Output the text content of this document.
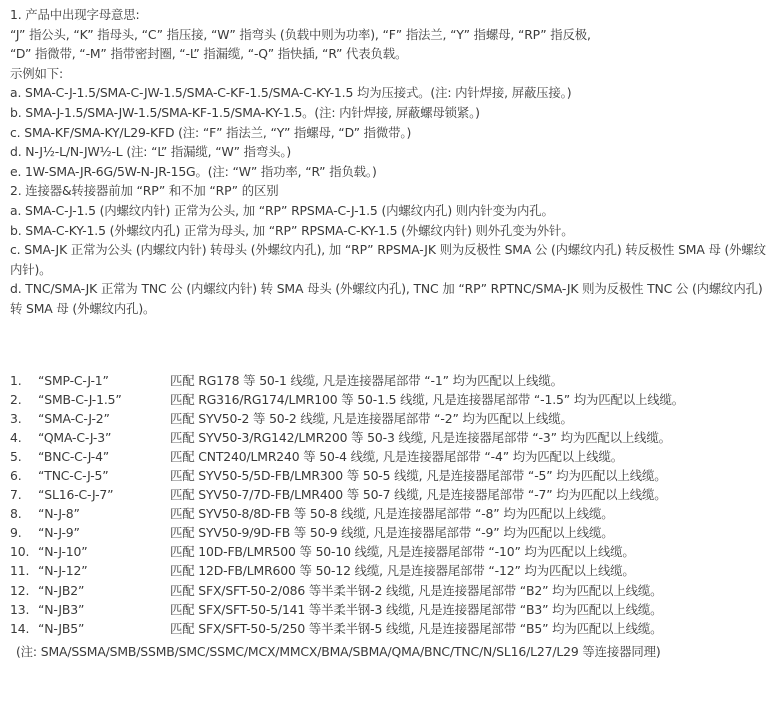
1. 产品中出现字母意思:
“J” 指公头, “K” 指母头, “C” 指压接, “W” 指弯头 (负载中则为功率), “F” 指法兰, “Y” 指螺母, “RP” 指反极,
“D” 指微带, “-M” 指带密封圈, “-L” 指漏缆, “-Q” 指快插, “R” 代表负载。
示例如下:
a. SMA-C-J-1.5/SMA-C-JW-1.5/SMA-C-KF-1.5/SMA-C-KY-1.5 均为压接式。(注: 内针焊接, 屏蔽压接。)
b. SMA-J-1.5/SMA-JW-1.5/SMA-KF-1.5/SMA-KY-1.5。(注: 内针焊接, 屏蔽螺母锁紧。)
c. SMA-KF/SMA-KY/L29-KFD (注: “F” 指法兰, “Y” 指螺母, “D” 指微带。)
d. N-J½-L/N-JW½-L (注: “L” 指漏缆, “W” 指弯头。)
e. 1W-SMA-JR-6G/5W-N-JR-15G。(注: “W” 指功率, “R” 指负载。)
2. 连接器&转接器前加 “RP” 和不加 “RP” 的区别
a. SMA-C-J-1.5 (内螺纹内针) 正常为公头, 加 “RP” RPSMA-C-J-1.5 (内螺纹内孔) 则内针变为内孔。
b. SMA-C-KY-1.5 (外螺纹内孔) 正常为母头, 加 “RP” RPSMA-C-KY-1.5 (外螺纹内针) 则外孔变为外针。
c. SMA-JK 正常为公头 (内螺纹内针) 转母头 (外螺纹内孔), 加 “RP” RPSMA-JK 则为反极性 SMA 公 (内螺纹内孔) 转反极性 SMA 母 (外螺纹内针)。
d. TNC/SMA-JK 正常为 TNC 公 (内螺纹内针) 转 SMA 母头 (外螺纹内孔), TNC 加 “RP” RPTNC/SMA-JK 则为反极性 TNC 公 (内螺纹内孔) 转 SMA 母 (外螺纹内孔)。
1.	“SMP-C-J-1”	匹配 RG178 等 50-1 线缆, 凡是连接器尾部带 “-1” 均为匹配以上线缆。
2.	“SMB-C-J-1.5”	匹配 RG316/RG174/LMR100 等 50-1.5 线缆, 凡是连接器尾部带 “-1.5” 均为匹配以上线缆。
3.	“SMA-C-J-2”	匹配 SYV50-2 等 50-2 线缆, 凡是连接器尾部带 “-2” 均为匹配以上线缆。
4.	“QMA-C-J-3”	匹配 SYV50-3/RG142/LMR200 等 50-3 线缆, 凡是连接器尾部带 “-3” 均为匹配以上线缆。
5.	“BNC-C-J-4”	匹配 CNT240/LMR240 等 50-4 线缆, 凡是连接器尾部带 “-4” 均为匹配以上线缆。
6.	“TNC-C-J-5”	匹配 SYV50-5/5D-FB/LMR300 等 50-5 线缆, 凡是连接器尾部带 “-5” 均为匹配以上线缆。
7.	“SL16-C-J-7”	匹配 SYV50-7/7D-FB/LMR400 等 50-7 线缆, 凡是连接器尾部带 “-7” 均为匹配以上线缆。
8.	“N-J-8”	匹配 SYV50-8/8D-FB 等 50-8 线缆, 凡是连接器尾部带 “-8” 均为匹配以上线缆。
9.	“N-J-9”	匹配 SYV50-9/9D-FB 等 50-9 线缆, 凡是连接器尾部带 “-9” 均为匹配以上线缆。
10. “N-J-10”	匹配 10D-FB/LMR500 等 50-10 线缆, 凡是连接器尾部带 “-10” 均为匹配以上线缆。
11. “N-J-12”	匹配 12D-FB/LMR600 等 50-12 线缆, 凡是连接器尾部带 “-12” 均为匹配以上线缆。
12. “N-JB2”	匹配 SFX/SFT-50-2/086 等半柔半钢-2 线缆, 凡是连接器尾部带 “B2” 均为匹配以上线缆。
13. “N-JB3”	匹配 SFX/SFT-50-5/141 等半柔半钢-3 线缆, 凡是连接器尾部带 “B3” 均为匹配以上线缆。
14. “N-JB5”	匹配 SFX/SFT-50-5/250 等半柔半钢-5 线缆, 凡是连接器尾部带 “B5” 均为匹配以上线缆。
(注: SMA/SSMA/SMB/SSMB/SMC/SSMC/MCX/MMCX/BMA/SBMA/QMA/BNC/TNC/N/SL16/L27/L29 等连接器同理)
